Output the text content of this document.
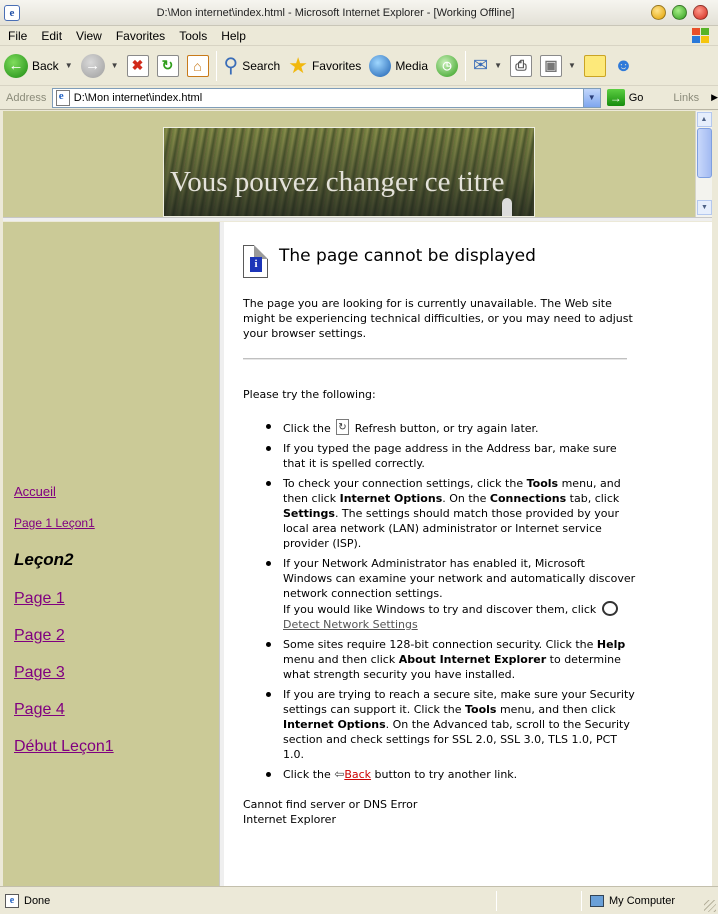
e	D:\Mon internet\index.html - Microsoft Internet Explorer - [Working Offline]
File	Edit	View	Favorites	Tools	Help
← Back ▼ →	▼ ✖	↻	⌂	⚲ Search ★ Favorites	Media	◷	✉ ▼ ⎙	▣	▼ ☻
Address e	D:\Mon internet\index.html	▼	→ Go	Links ▶
Vous pouvez changer ce titre
▲
▼
Accueil
Page 1 Leçon1
Leçon2
Page 1
Page 2
Page 3
Page 4
Début Leçon1
i The page cannot be displayed
The page you are looking for is currently unavailable. The Web site might be experiencing technical difficulties, or you may need to adjust your browser settings.
Please try the following:
Click the ↻ Refresh button, or try again later.
If you typed the page address in the Address bar, make sure that it is spelled correctly.
To check your connection settings, click the Tools menu, and then click Internet Options. On the Connections tab, click Settings. The settings should match those provided by your local area network (LAN) administrator or Internet service provider (ISP).
If your Network Administrator has enabled it, Microsoft Windows can examine your network and automatically discover network connection settings.
If you would like Windows to try and discover them, click Detect Network Settings
Some sites require 128-bit connection security. Click the Help menu and then click About Internet Explorer to determine what strength security you have installed.
If you are trying to reach a secure site, make sure your Security settings can support it. Click the Tools menu, and then click Internet Options. On the Advanced tab, scroll to the Security section and check settings for SSL 2.0, SSL 3.0, TLS 1.0, PCT 1.0.
Click the ⇦Back button to try another link.
Cannot find server or DNS Error
Internet Explorer
e Done	My Computer
